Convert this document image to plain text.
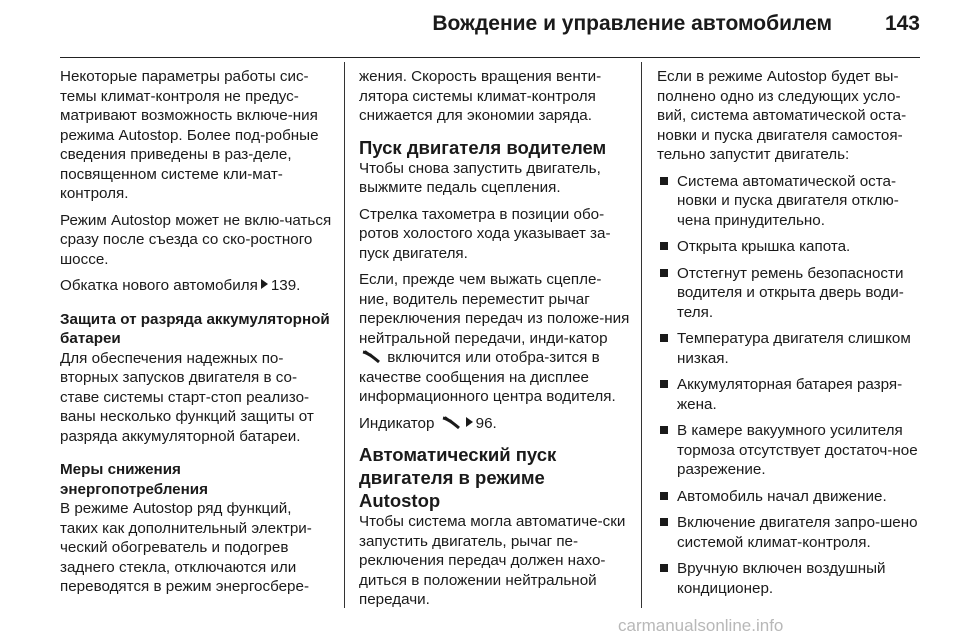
Вождение и управление автомобилем	143

Некоторые параметры работы сис-темы климат-контроля не предус-матривают возможность включе-ния режима Autostop. Более под-робные сведения приведены в раз-деле, посвященном системе кли-мат-контроля.

Режим Autostop может не вклю-чаться сразу после съезда со ско-ростного шоссе.

Обкатка нового автомобиля 139.

Защита от разряда аккумуляторной батареи

Для обеспечения надежных по-вторных запусков двигателя в со-ставе системы старт-стоп реализо-ваны несколько функций защиты от разряда аккумуляторной батареи.

Меры снижения энергопотребления

В режиме Autostop ряд функций, таких как дополнительный электри-ческий обогреватель и подогрев заднего стекла, отключаются или переводятся в режим энергосбере-

жения. Скорость вращения венти-лятора системы климат-контроля снижается для экономии заряда.

Пуск двигателя водителем

Чтобы снова запустить двигатель, выжмите педаль сцепления.

Стрелка тахометра в позиции обо-ротов холостого хода указывает за-пуск двигателя.

Если, прежде чем выжать сцепле-ние, водитель переместит рычаг переключения передач из положе-ния нейтральной передачи, инди-катор  включится или отобра-зится в качестве сообщения на дисплее информационного центра водителя.

Индикатор	96.

Автоматический пуск двигателя в режиме Autostop

Чтобы система могла автоматиче-ски запустить двигатель, рычаг пе-реключения передач должен нахо-диться в положении нейтральной передачи.

Если в режиме Autostop будет вы-полнено одно из следующих усло-вий, система автоматической оста-новки и пуска двигателя самостоя-тельно запустит двигатель:

Система автоматической оста-новки и пуска двигателя отклю-чена принудительно.
Открыта крышка капота.
Отстегнут ремень безопасности водителя и открыта дверь води-теля.
Температура двигателя слишком низкая.
Аккумуляторная батарея разря-жена.
В камере вакуумного усилителя тормоза отсутствует достаточ-ное разрежение.
Автомобиль начал движение.
Включение двигателя запро-шено системой климат-контроля.
Вручную включен воздушный кондиционер.
carmanualsonline.info
